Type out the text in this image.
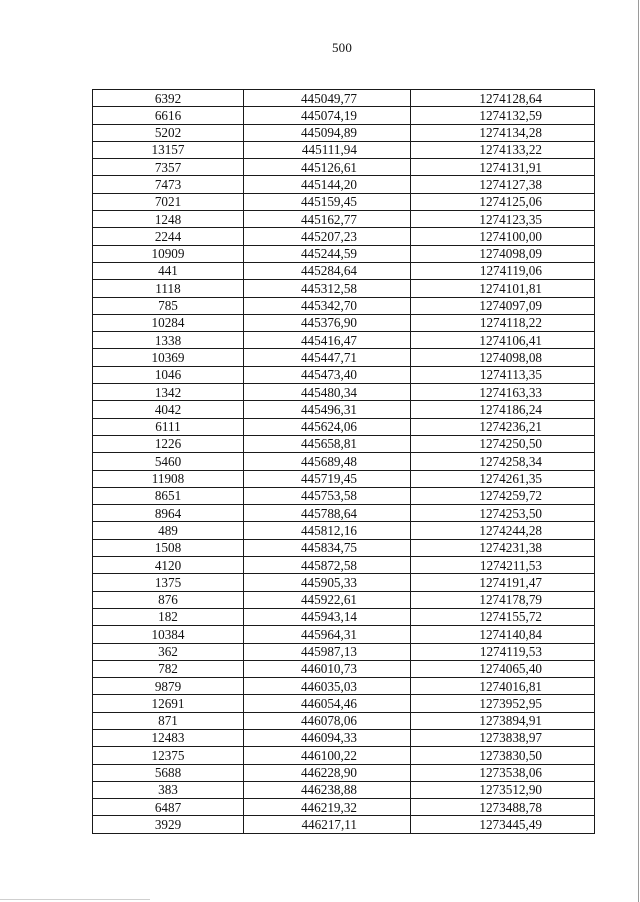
500
6392	445049,77	1274128,64
6616	445074,19	1274132,59
5202	445094,89	1274134,28
13157	445111,94	1274133,22
7357	445126,61	1274131,91
7473	445144,20	1274127,38
7021	445159,45	1274125,06
1248	445162,77	1274123,35
2244	445207,23	1274100,00
10909	445244,59	1274098,09
441	445284,64	1274119,06
1118	445312,58	1274101,81
785	445342,70	1274097,09
10284	445376,90	1274118,22
1338	445416,47	1274106,41
10369	445447,71	1274098,08
1046	445473,40	1274113,35
1342	445480,34	1274163,33
4042	445496,31	1274186,24
6111	445624,06	1274236,21
1226	445658,81	1274250,50
5460	445689,48	1274258,34
11908	445719,45	1274261,35
8651	445753,58	1274259,72
8964	445788,64	1274253,50
489	445812,16	1274244,28
1508	445834,75	1274231,38
4120	445872,58	1274211,53
1375	445905,33	1274191,47
876	445922,61	1274178,79
182	445943,14	1274155,72
10384	445964,31	1274140,84
362	445987,13	1274119,53
782	446010,73	1274065,40
9879	446035,03	1274016,81
12691	446054,46	1273952,95
871	446078,06	1273894,91
12483	446094,33	1273838,97
12375	446100,22	1273830,50
5688	446228,90	1273538,06
383	446238,88	1273512,90
6487	446219,32	1273488,78
3929	446217,11	1273445,49
